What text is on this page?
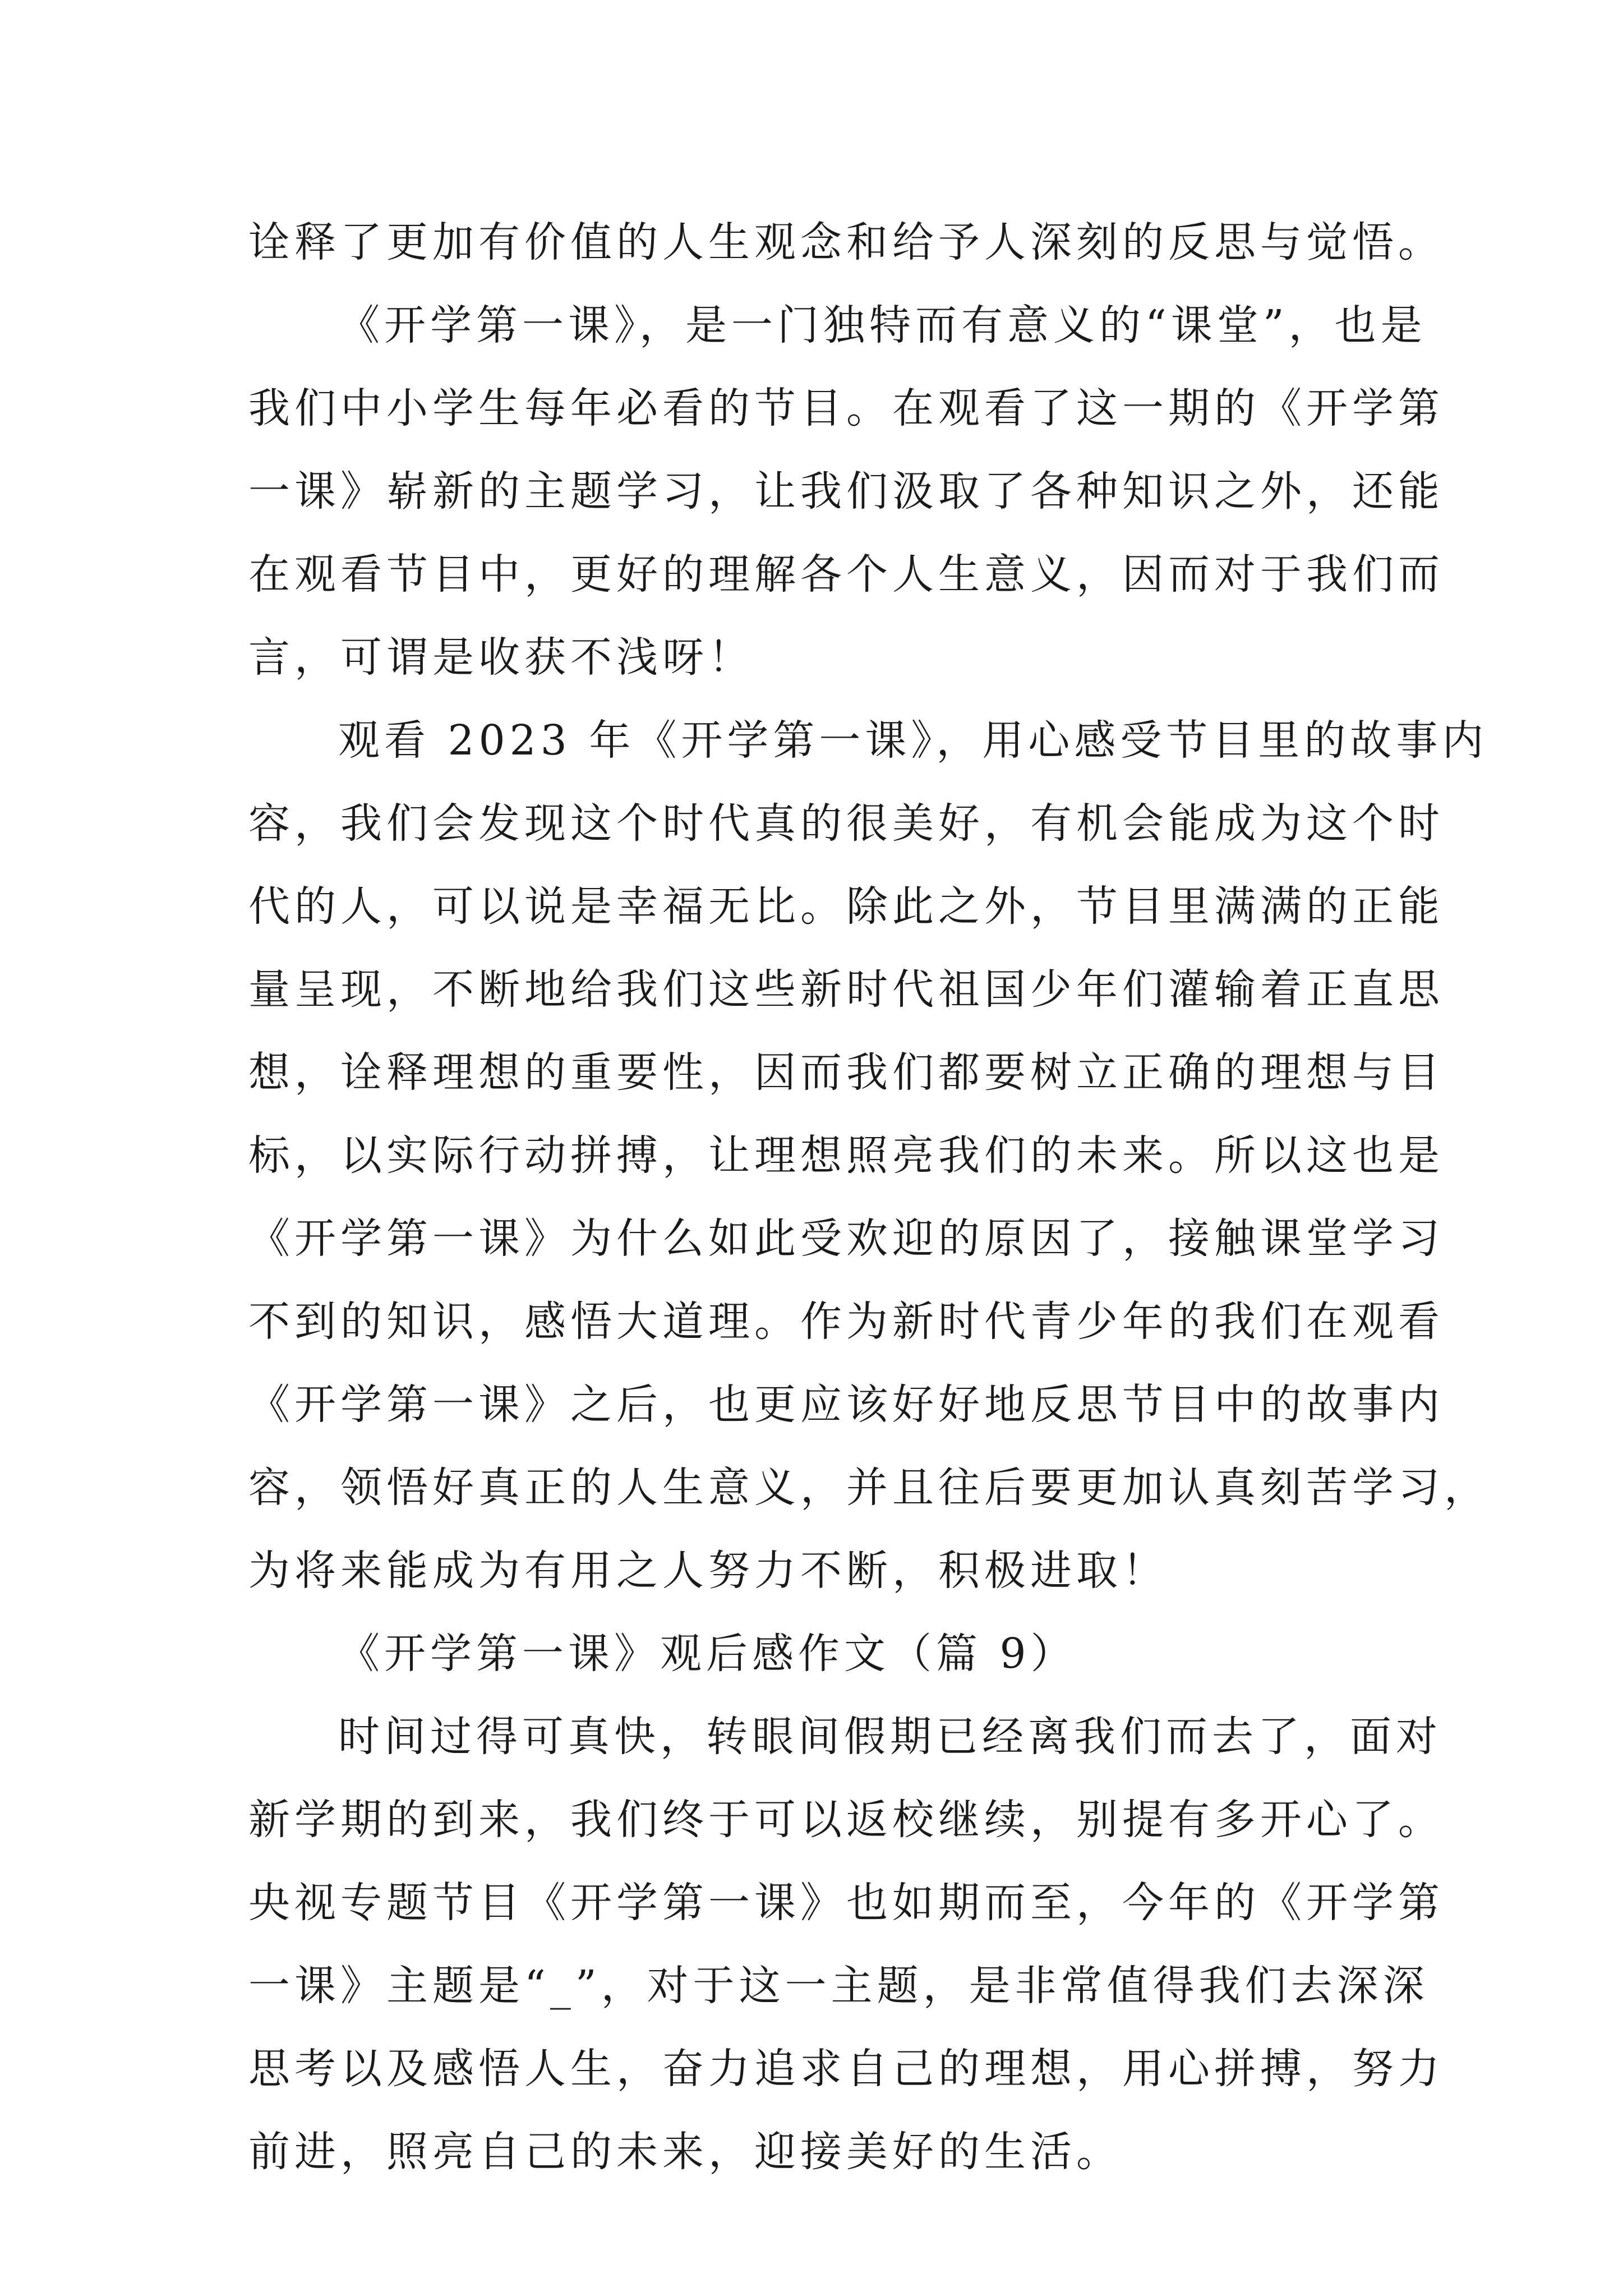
诠释了更加有价值的人生观念和给予人深刻的反思与觉悟。
《开学第一课》，是一门独特而有意义的“课堂”，也是
我们中小学生每年必看的节目。在观看了这一期的《开学第
一课》崭新的主题学习，让我们汲取了各种知识之外，还能
在观看节目中，更好的理解各个人生意义，因而对于我们而
言，可谓是收获不浅呀！
观看 2023 年《开学第一课》，用心感受节目里的故事内
容，我们会发现这个时代真的很美好，有机会能成为这个时
代的人，可以说是幸福无比。除此之外，节目里满满的正能
量呈现，不断地给我们这些新时代祖国少年们灌输着正直思
想，诠释理想的重要性，因而我们都要树立正确的理想与目
标，以实际行动拼搏，让理想照亮我们的未来。所以这也是
《开学第一课》为什么如此受欢迎的原因了，接触课堂学习
不到的知识，感悟大道理。作为新时代青少年的我们在观看
《开学第一课》之后，也更应该好好地反思节目中的故事内
容，领悟好真正的人生意义，并且往后要更加认真刻苦学习，
为将来能成为有用之人努力不断，积极进取！
《开学第一课》观后感作文（篇 9）
时间过得可真快，转眼间假期已经离我们而去了，面对
新学期的到来，我们终于可以返校继续，别提有多开心了。
央视专题节目《开学第一课》也如期而至，今年的《开学第
一课》主题是“_”，对于这一主题，是非常值得我们去深深
思考以及感悟人生，奋力追求自己的理想，用心拼搏，努力
前进，照亮自己的未来，迎接美好的生活。
